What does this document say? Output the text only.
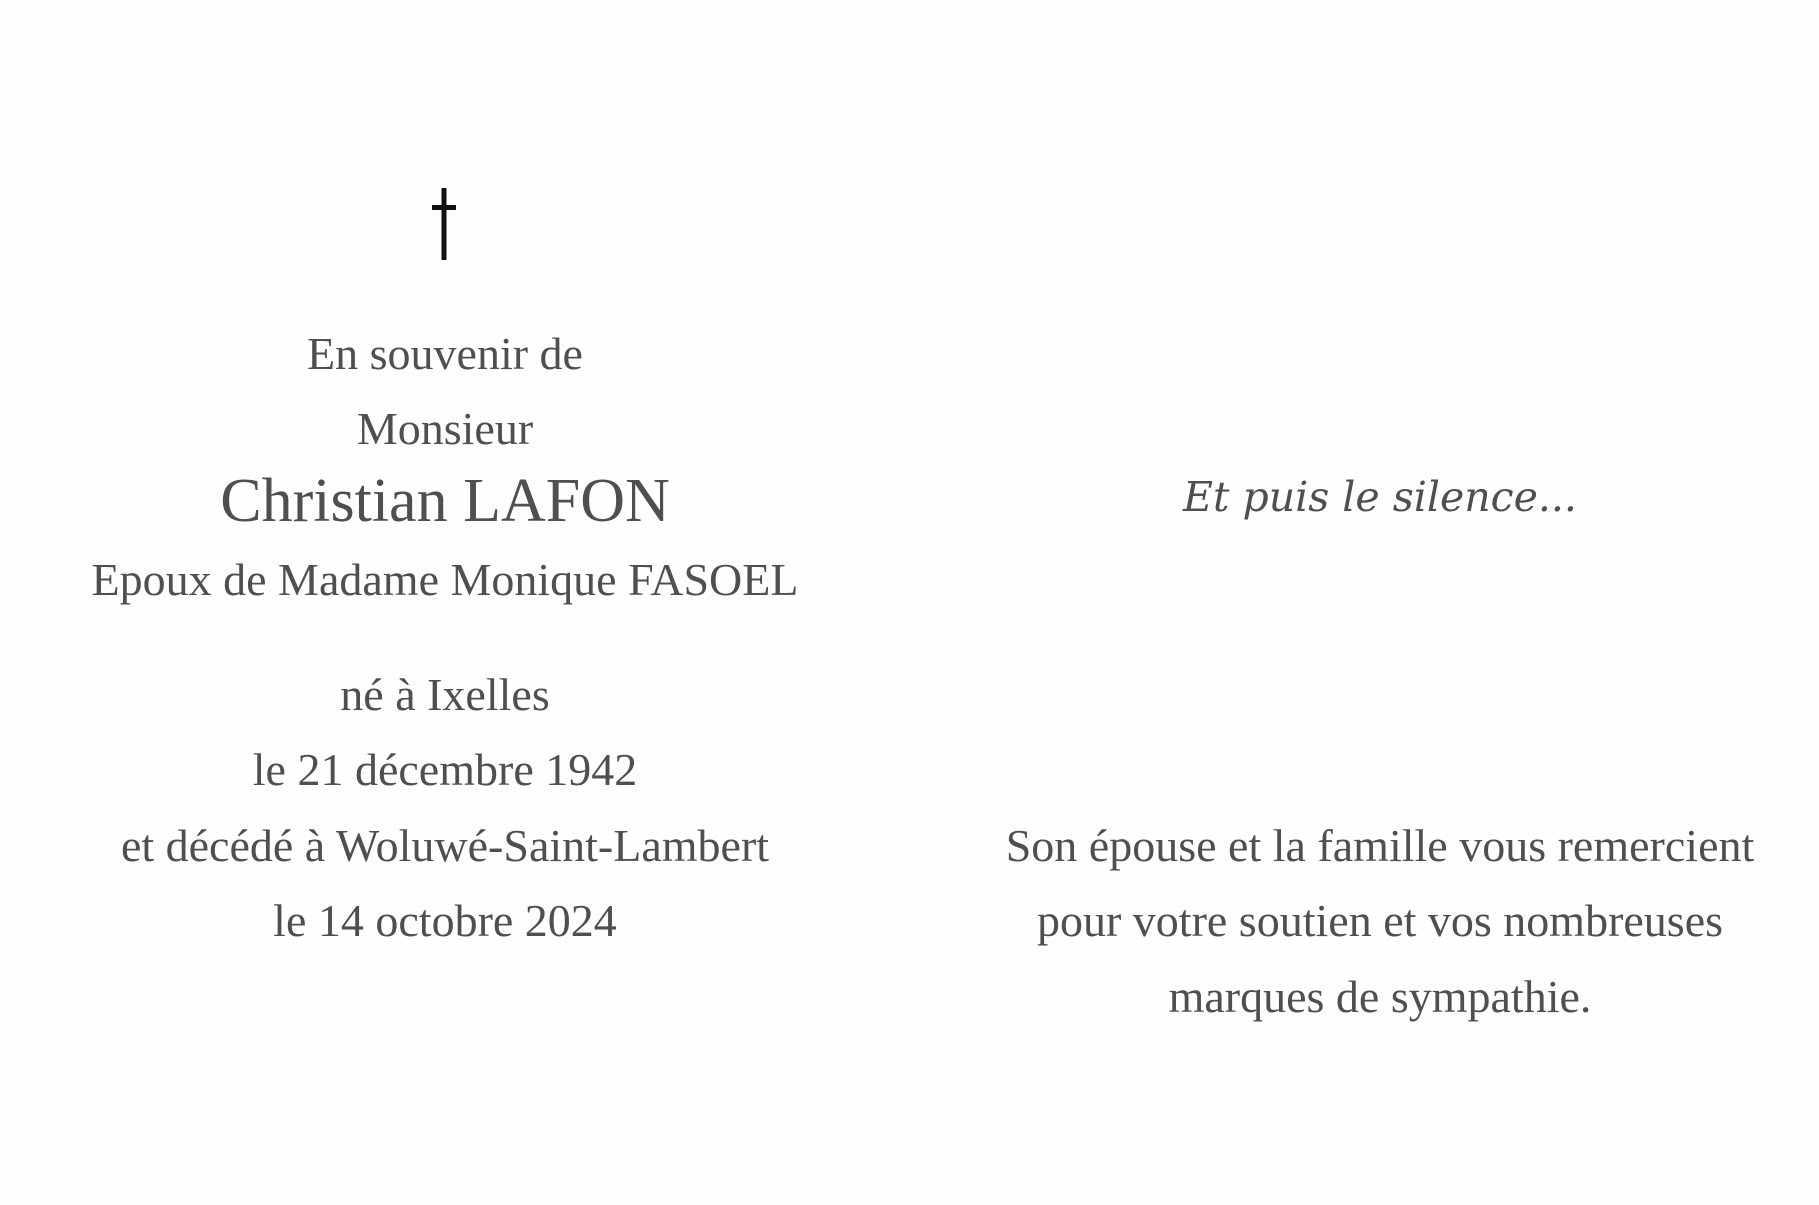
En souvenir de
Monsieur
Christian LAFON
Epoux de Madame Monique FASOEL
né à Ixelles
le 21 décembre 1942
et décédé à Woluwé-Saint-Lambert
le 14 octobre 2024
Et puis le silence...
Son épouse et la famille vous remercient
pour votre soutien et vos nombreuses
marques de sympathie.
